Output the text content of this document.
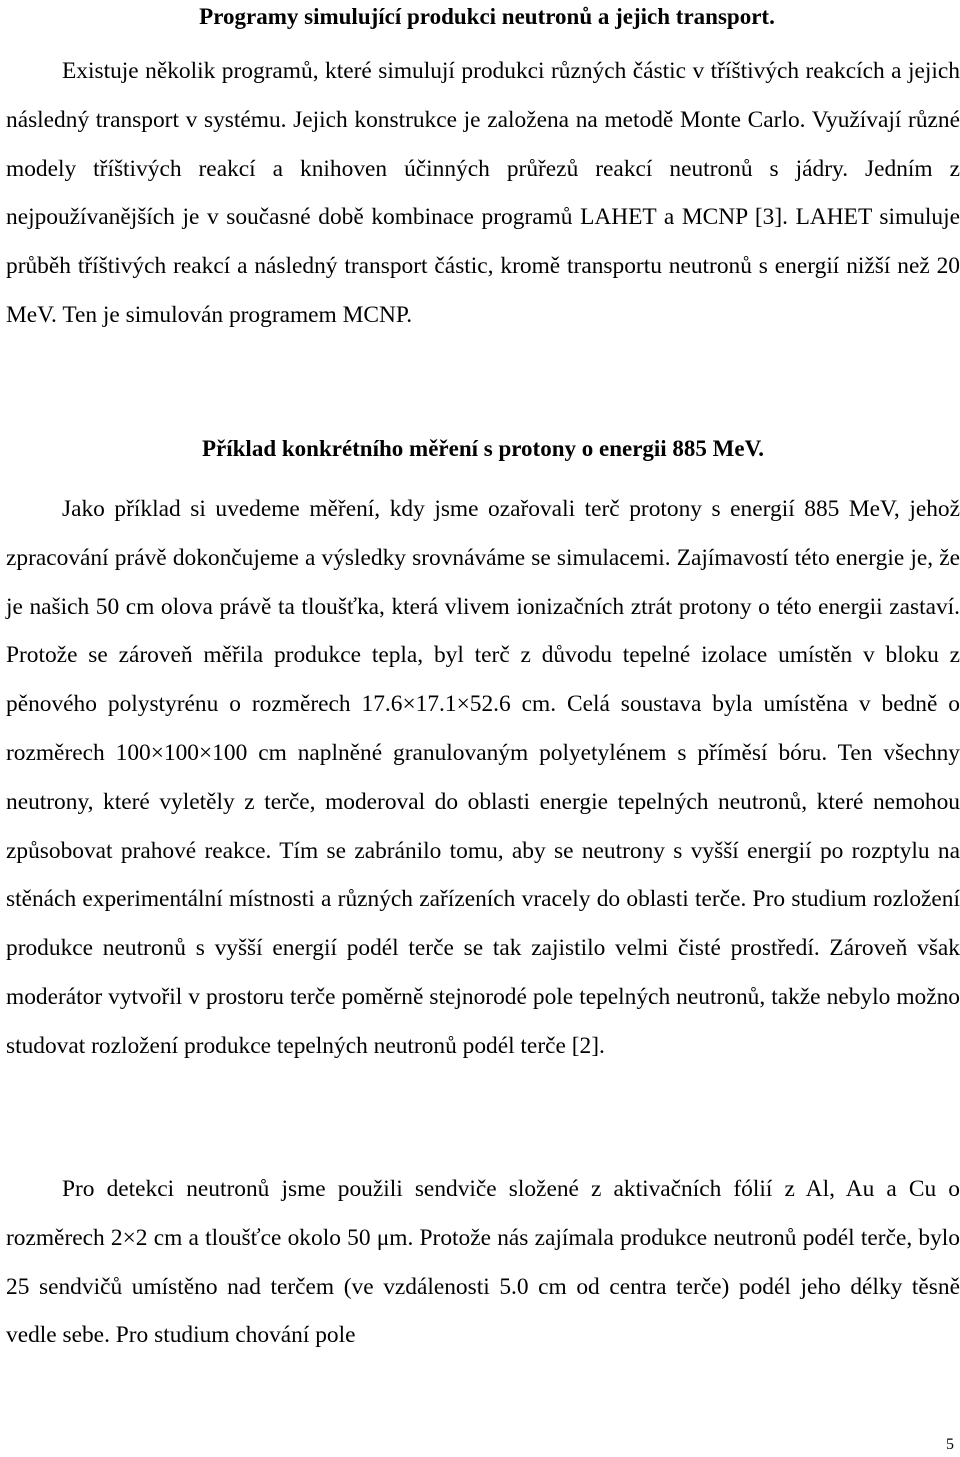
Programy simulující produkci neutronů a jejich transport.

Existuje několik programů, které simulují produkci různých částic v tříštivých reakcích a jejich následný transport v systému. Jejich konstrukce je založena na metodě Monte Carlo. Využívají různé modely tříštivých reakcí a knihoven účinných průřezů reakcí neutronů s jádry. Jedním z nejpoužívanějších je v současné době kombinace programů LAHET a MCNP [3]. LAHET simuluje průběh tříštivých reakcí a následný transport částic, kromě transportu neutronů s energií nižší než 20 MeV. Ten je simulován programem MCNP.

Příklad konkrétního měření s protony o energii 885 MeV.

Jako příklad si uvedeme měření, kdy jsme ozařovali terč protony s energií 885 MeV, jehož zpracování právě dokončujeme a výsledky srovnáváme se simulacemi. Zajímavostí této energie je, že je našich 50 cm olova právě ta tloušťka, která vlivem ionizačních ztrát protony o této energii zastaví. Protože se zároveň měřila produkce tepla, byl terč z důvodu tepelné izolace umístěn v bloku z pěnového polystyrénu o rozměrech 17.6×17.1×52.6 cm. Celá soustava byla umístěna v bedně o rozměrech 100×100×100 cm naplněné granulovaným polyetylénem s příměsí bóru. Ten všechny neutrony, které vyletěly z terče, moderoval do oblasti energie tepelných neutronů, které nemohou způsobovat prahové reakce. Tím se zabránilo tomu, aby se neutrony s vyšší energií po rozptylu na stěnách experimentální místnosti a různých zařízeních vracely do oblasti terče. Pro studium rozložení produkce neutronů s vyšší energií podél terče se tak zajistilo velmi čisté prostředí. Zároveň však moderátor vytvořil v prostoru terče poměrně stejnorodé pole tepelných neutronů, takže nebylo možno studovat rozložení produkce tepelných neutronů podél terče [2].

Pro detekci neutronů jsme použili sendviče složené z aktivačních fólií z Al, Au a Cu o rozměrech 2×2 cm a tloušťce okolo 50 μm. Protože nás zajímala produkce neutronů podél terče, bylo 25 sendvičů umístěno nad terčem (ve vzdálenosti 5.0 cm od centra terče) podél jeho délky těsně vedle sebe. Pro studium chování pole

5
